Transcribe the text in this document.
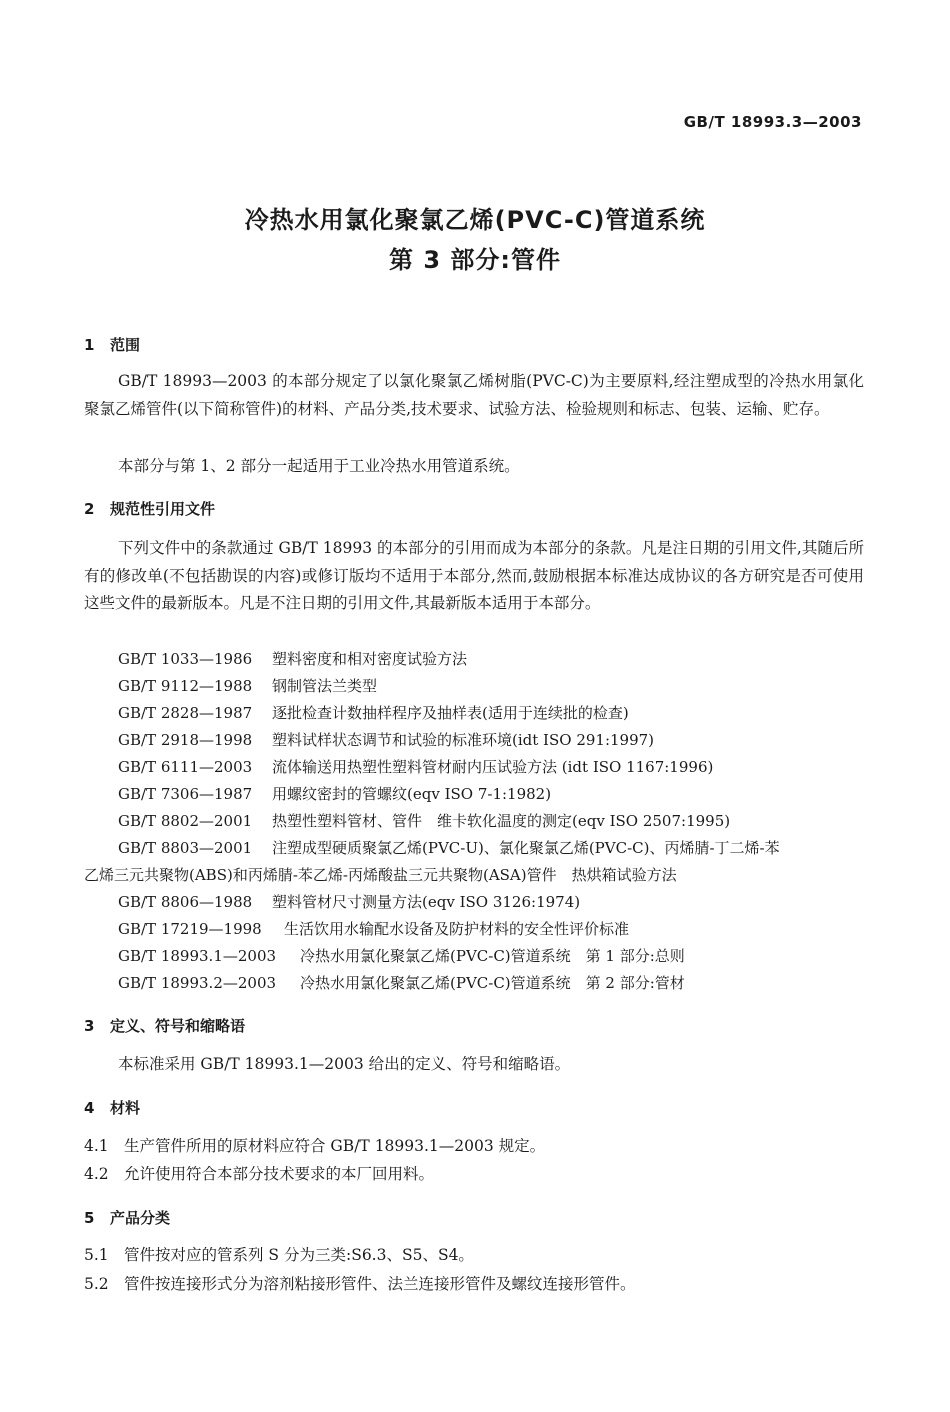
GB/T 18993.3—2003
冷热水用氯化聚氯乙烯(PVC-C)管道系统
第 3 部分:管件
1 范围
GB/T 18993—2003 的本部分规定了以氯化聚氯乙烯树脂(PVC-C)为主要原料,经注塑成型的冷热水用氯化聚氯乙烯管件(以下简称管件)的材料、产品分类,技术要求、试验方法、检验规则和标志、包装、运输、贮存。
本部分与第 1、2 部分一起适用于工业冷热水用管道系统。
2 规范性引用文件
下列文件中的条款通过 GB/T 18993 的本部分的引用而成为本部分的条款。凡是注日期的引用文件,其随后所有的修改单(不包括勘误的内容)或修订版均不适用于本部分,然而,鼓励根据本标准达成协议的各方研究是否可使用这些文件的最新版本。凡是不注日期的引用文件,其最新版本适用于本部分。
GB/T 1033—1986 塑料密度和相对密度试验方法
GB/T 9112—1988 钢制管法兰类型
GB/T 2828—1987 逐批检查计数抽样程序及抽样表(适用于连续批的检查)
GB/T 2918—1998 塑料试样状态调节和试验的标准环境(idt ISO 291:1997)
GB/T 6111—2003 流体输送用热塑性塑料管材耐内压试验方法 (idt ISO 1167:1996)
GB/T 7306—1987 用螺纹密封的管螺纹(eqv ISO 7-1:1982)
GB/T 8802—2001 热塑性塑料管材、管件　维卡软化温度的测定(eqv ISO 2507:1995)
GB/T 8803—2001 注塑成型硬质聚氯乙烯(PVC-U)、氯化聚氯乙烯(PVC-C)、丙烯腈-丁二烯-苯
乙烯三元共聚物(ABS)和丙烯腈-苯乙烯-丙烯酸盐三元共聚物(ASA)管件　热烘箱试验方法
GB/T 8806—1988 塑料管材尺寸测量方法(eqv ISO 3126:1974)
GB/T 17219—1998 生活饮用水输配水设备及防护材料的安全性评价标准
GB/T 18993.1—2003 冷热水用氯化聚氯乙烯(PVC-C)管道系统　第 1 部分:总则
GB/T 18993.2—2003 冷热水用氯化聚氯乙烯(PVC-C)管道系统　第 2 部分:管材
3 定义、符号和缩略语
本标准采用 GB/T 18993.1—2003 给出的定义、符号和缩略语。
4 材料
4.1 生产管件所用的原材料应符合 GB/T 18993.1—2003 规定。
4.2 允许使用符合本部分技术要求的本厂回用料。
5 产品分类
5.1 管件按对应的管系列 S 分为三类:S6.3、S5、S4。
5.2 管件按连接形式分为溶剂粘接形管件、法兰连接形管件及螺纹连接形管件。
